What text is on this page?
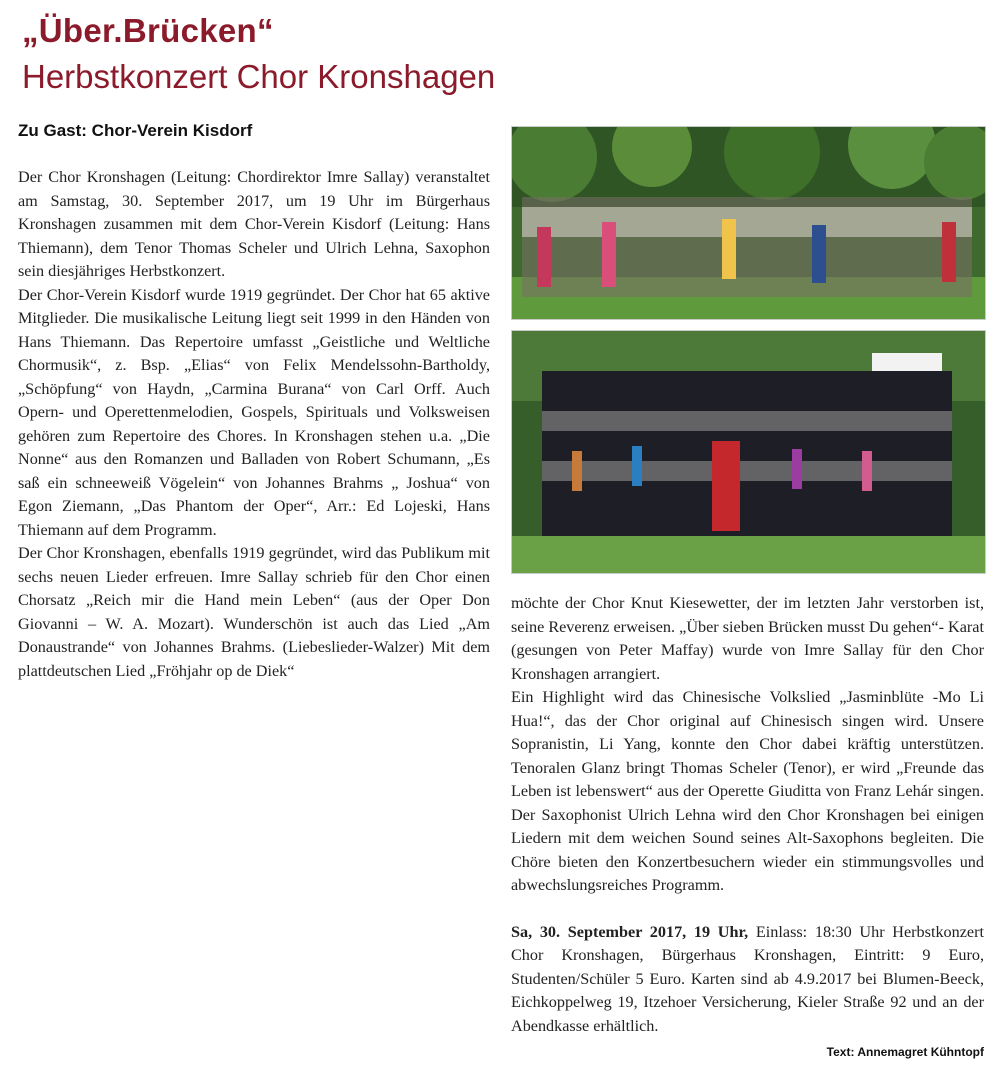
„Über.Brücken“
Herbstkonzert Chor Kronshagen
Zu Gast: Chor-Verein Kisdorf

Der Chor Kronshagen (Leitung: Chordirektor Imre Sallay) veranstaltet am Samstag, 30. September 2017, um 19 Uhr im Bürgerhaus Kronshagen zusammen mit dem Chor-Verein Kisdorf (Leitung: Hans Thiemann), dem Tenor Thomas Scheler und Ulrich Lehna, Saxophon sein diesjähriges Herbstkonzert.

Der Chor-Verein Kisdorf wurde 1919 gegründet. Der Chor hat 65 aktive Mitglieder. Die musikalische Leitung liegt seit 1999 in den Händen von Hans Thiemann. Das Repertoire umfasst „Geistliche und Weltliche Chormusik“, z. Bsp. „Elias“ von Felix Mendelssohn-Bartholdy, „Schöpfung“ von Haydn, „Carmina Burana“ von Carl Orff. Auch Opern- und Operettenmelodien, Gospels, Spirituals und Volksweisen gehören zum Repertoire des Chores. In Kronshagen stehen u.a. „Die Nonne“ aus den Romanzen und Balladen von Robert Schumann, „Es saß ein schneeweiß Vögelein“ von Johannes Brahms „ Joshua“ von Egon Ziemann, „Das Phantom der Oper“, Arr.: Ed Lojeski, Hans Thiemann auf dem Programm.

Der Chor Kronshagen, ebenfalls 1919 gegründet, wird das Publikum mit sechs neuen Lieder erfreuen. Imre Sallay schrieb für den Chor einen Chorsatz „Reich mir die Hand mein Leben“ (aus der Oper Don Giovanni – W. A. Mozart). Wunderschön ist auch das Lied „Am Donaustrande“ von Johannes Brahms. (Liebeslieder-Walzer) Mit dem plattdeutschen Lied „Fröhjahr op de Diek“

möchte der Chor Knut Kiesewetter, der im letzten Jahr verstorben ist, seine Reverenz erweisen. „Über sieben Brücken musst Du gehen“- Karat (gesungen von Peter Maffay) wurde von Imre Sallay für den Chor Kronshagen arrangiert.

Ein Highlight wird das Chinesische Volkslied „Jasminblüte -Mo Li Hua!“, das der Chor original auf Chinesisch singen wird. Unsere Sopranistin, Li Yang, konnte den Chor dabei kräftig unterstützen. Tenoralen Glanz bringt Thomas Scheler (Tenor), er wird „Freunde das Leben ist lebenswert“ aus der Operette Giuditta von Franz Lehár singen. Der Saxophonist Ulrich Lehna wird den Chor Kronshagen bei einigen Liedern mit dem weichen Sound seines Alt-Saxophons begleiten. Die Chöre bieten den Konzertbesuchern wieder ein stimmungsvolles und abwechslungsreiches Programm.

Sa, 30. September 2017, 19 Uhr, Einlass: 18:30 Uhr Herbstkonzert Chor Kronshagen, Bürgerhaus Kronshagen, Eintritt: 9 Euro, Studenten/Schüler 5 Euro. Karten sind ab 4.9.2017 bei Blumen-Beeck, Eichkoppelweg 19, Itzehoer Versicherung, Kieler Straße 92 und an der Abendkasse erhältlich.

Text: Annemagret Kühntopf
